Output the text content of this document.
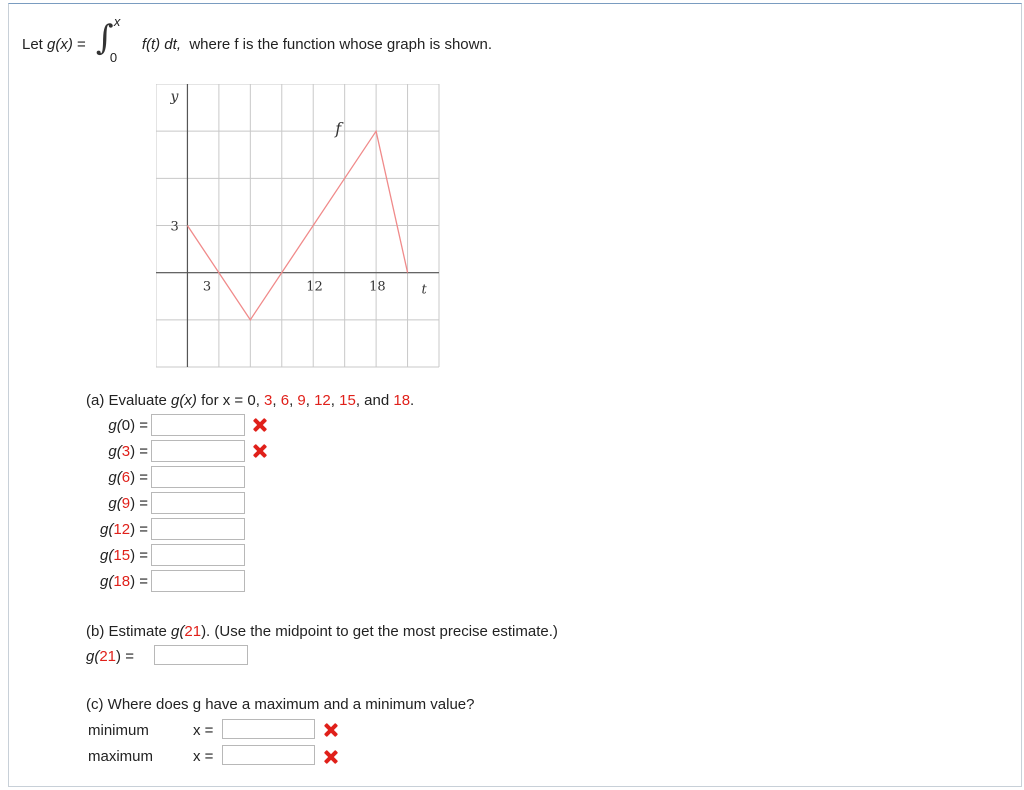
Let
g(x)
= ∫ x
0
f(t) dt,
where f is the function whose graph is shown.
y
t
f
3
3	12	18
(a) Evaluate g(x) for x = 0, 3, 6, 9, 12, 15, and 18.
g(0) =
g(3) =
g(6) =
g(9) =
g(12) =
g(15) =
g(18) =
(b) Estimate g(21). (Use the midpoint to get the most precise estimate.)
g(21) =
(c) Where does g have a maximum and a minimum value?
minimum	x =
maximum	x =
